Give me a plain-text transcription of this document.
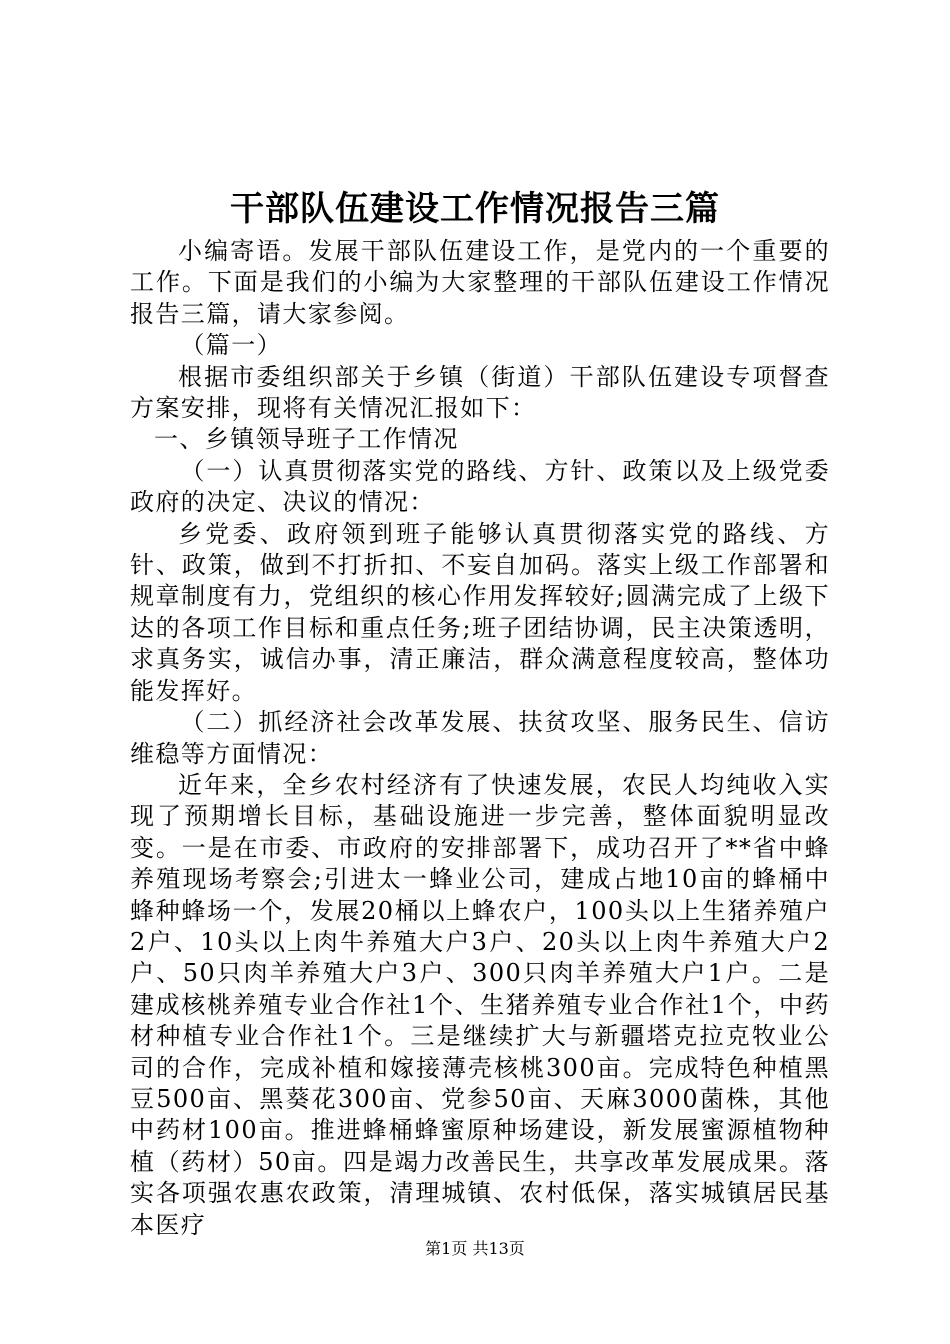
干部队伍建设工作情况报告三篇

小编寄语。发展干部队伍建设工作，是党内的一个重要的工作。下面是我们的小编为大家整理的干部队伍建设工作情况报告三篇，请大家参阅。

（篇一）

根据市委组织部关于乡镇（街道）干部队伍建设专项督查方案安排，现将有关情况汇报如下：

一、乡镇领导班子工作情况

（一）认真贯彻落实党的路线、方针、政策以及上级党委政府的决定、决议的情况：

乡党委、政府领到班子能够认真贯彻落实党的路线、方针、政策，做到不打折扣、不妄自加码。落实上级工作部署和规章制度有力，党组织的核心作用发挥较好;圆满完成了上级下达的各项工作目标和重点任务;班子团结协调，民主决策透明，求真务实，诚信办事，清正廉洁，群众满意程度较高，整体功能发挥好。

（二）抓经济社会改革发展、扶贫攻坚、服务民生、信访维稳等方面情况：

近年来，全乡农村经济有了快速发展，农民人均纯收入实现了预期增长目标，基础设施进一步完善，整体面貌明显改变。一是在市委、市政府的安排部署下，成功召开了**省中蜂养殖现场考察会;引进太一蜂业公司，建成占地10亩的蜂桶中蜂种蜂场一个，发展20桶以上蜂农户，100头以上生猪养殖户2户、10头以上肉牛养殖大户3户、20头以上肉牛养殖大户2户、50只肉羊养殖大户3户、300只肉羊养殖大户1户。二是建成核桃养殖专业合作社1个、生猪养殖专业合作社1个，中药材种植专业合作社1个。三是继续扩大与新疆塔克拉克牧业公司的合作，完成补植和嫁接薄壳核桃300亩。完成特色种植黑豆500亩、黑葵花300亩、党参50亩、天麻3000菌株，其他中药材100亩。推进蜂桶蜂蜜原种场建设，新发展蜜源植物种植（药材）50亩。四是竭力改善民生，共享改革发展成果。落实各项强农惠农政策，清理城镇、农村低保，落实城镇居民基本医疗

第1页 共13页
